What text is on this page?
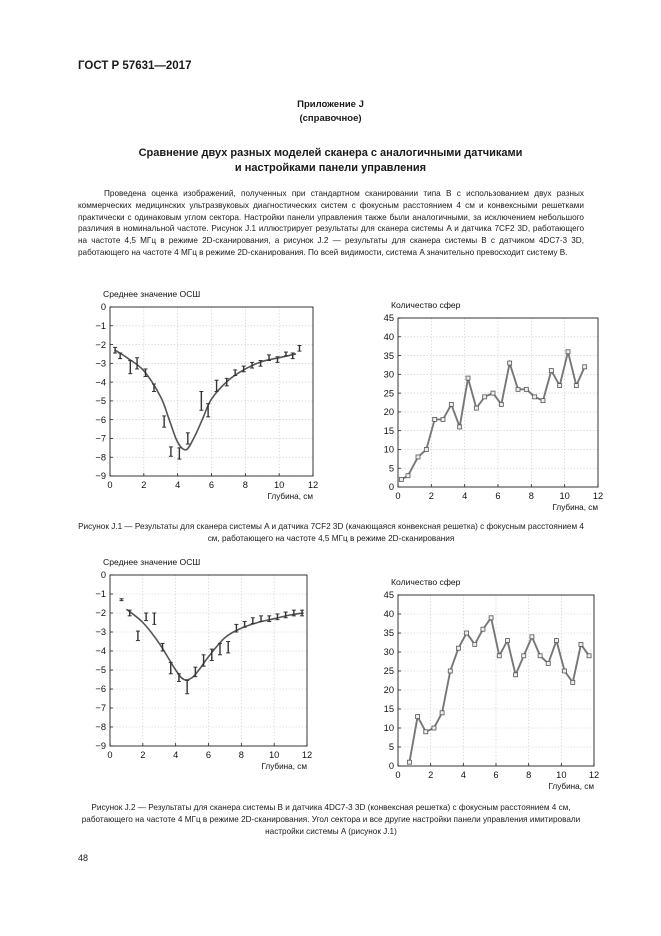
ГОСТ Р 57631—2017
Приложение J
(справочное)
Сравнение двух разных моделей сканера с аналогичными датчиками
и настройками панели управления

Проведена оценка изображений, полученных при стандартном сканировании типа B с использованием двух разных коммерческих медицинских ультразвуковых диагностических систем с фокусным расстоянием 4 см и конвексными решетками практически с одинаковым углом сектора. Настройки панели управления также были аналогичными, за исключением небольшого различия в номинальной частоте. Рисунок J.1 иллюстрирует результаты для сканера системы A и датчика 7CF2 3D, работающего на частоте 4,5 МГц в режиме 2D-сканирования, а рисунок J.2 — результаты для сканера системы B с датчиком 4DC7-3 3D, работающего на частоте 4 МГц в режиме 2D-сканирования. По всей видимости, система A значительно превосходит систему B.

Среднее значение ОСШ
0
−1
−2
−3
−4
−5
−6
−7
−8
−9
0	2	4	6	8	10	12
Глубина, см
Количество сфер
45
40
35
30
25
20
15
10
5
0
0	2	4	6	8	10 12
Глубина, см
Рисунок J.1 — Результаты для сканера системы A и датчика 7CF2 3D (качающаяся конвексная решетка) с фокусным расстоянием 4 см, работающего на частоте 4,5 МГц в режиме 2D-сканирования
Среднее значение ОСШ
0
−1
−2
−3
−4
−5
−6
−7
−8
−9
0	2	4	6	8	10 12
Глубина, см
Количество сфер
45
40
35
30
25
20
15
10
5
0
0	2	4	6	8	10 12
Глубина, см
Рисунок J.2 — Результаты для сканера системы B и датчика 4DC7-3 3D (конвексная решетка) с фокусным расстоянием 4 см, работающего на частоте 4 МГц в режиме 2D-сканирования. Угол сектора и все другие настройки панели управления имитировали настройки системы A (рисунок J.1)
48
